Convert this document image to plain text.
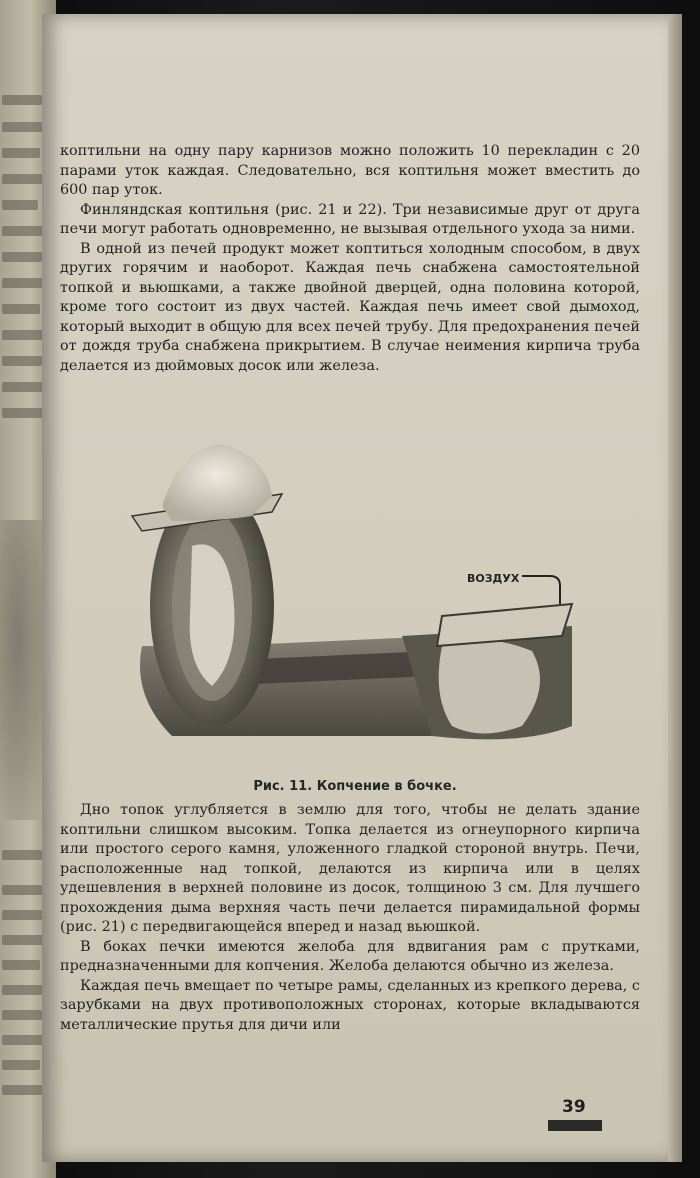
коптильни на одну пару карнизов можно положить 10 перекладин с 20 парами уток каждая. Следовательно, вся коптильня может вместить до 600 пар уток.

Финляндская коптильня (рис. 21 и 22). Три независимые друг от друга печи могут работать одновременно, не вызывая отдельного ухода за ними.

В одной из печей продукт может коптиться холодным способом, в двух других горячим и наоборот. Каждая печь снабжена самостоятельной топкой и вьюшками, а также двойной дверцей, одна половина которой, кроме того состоит из двух частей. Каждая печь имеет свой дымоход, который выходит в общую для всех печей трубу. Для предохранения печей от дождя труба снабжена прикрытием. В случае неимения кирпича труба делается из дюймовых досок или железа.

ВОЗДУХ
Рис. 11. Копчение в бочке.

Дно топок углубляется в землю для того, чтобы не делать здание коптильни слишком высоким. Топка делается из огнеупорного кирпича или простого серого камня, уложенного гладкой стороной внутрь. Печи, расположенные над топкой, делаются из кирпича или в целях удешевления в верхней половине из досок, толщиною 3 см. Для лучшего прохождения дыма верхняя часть печи делается пирамидальной формы (рис. 21) с передвигающейся вперед и назад вьюшкой.

В боках печки имеются желоба для вдвигания рам с прутками, предназначенными для копчения. Желоба делаются обычно из железа.

Каждая печь вмещает по четыре рамы, сделанных из крепкого дерева, с зарубками на двух противоположных сторонах, которые вкладываются металлические прутья для дичи или

39
